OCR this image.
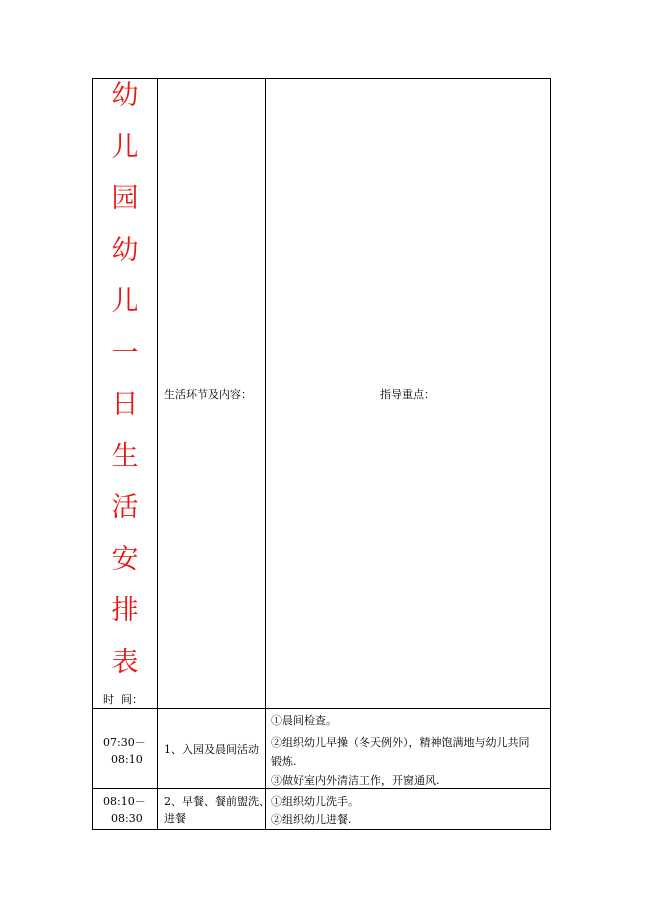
幼
儿
园
幼
儿
一
日
生
活
安
排
表
时  间：
生活环节及内容：	指导重点：
07:30－
08:10
1、入园及晨间活动
①晨间检查。
②组织幼儿早操（冬天例外），精神饱满地与幼儿共同
锻炼.
③做好室内外清洁工作，开窗通风.
08:10－
08:30
2、早餐、餐前盥洗、
进餐
①组织幼儿洗手。
②组织幼儿进餐.
